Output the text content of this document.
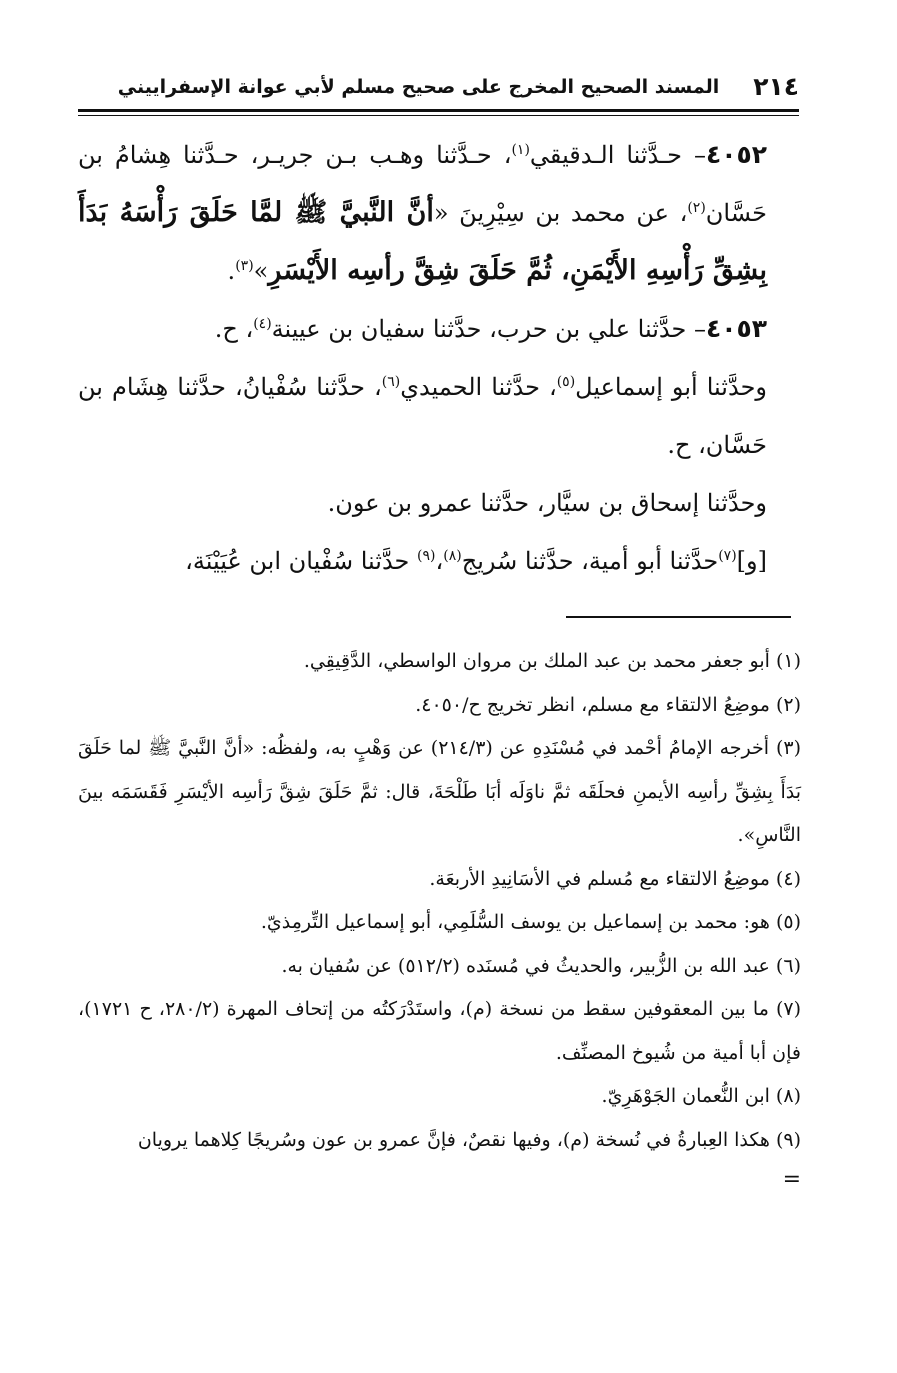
٢١٤
المسند الصحيح المخرج على صحيح مسلم لأبي عوانة الإسفراييني

٤٠٥٢– حـدَّثنا الـدقيقي$^{(١)}$، حـدَّثنا وهـب بـن جريـر، حـدَّثنا هِشامُ بن حَسَّان$^{(٢)}$، عن محمد بن سِيْرِينَ «أنَّ النَّبيَّ ﷺ لمَّا حَلَقَ رَأْسَهُ بَدَأَ بِشِقِّ رَأْسِهِ الأَيْمَنِ، ثُمَّ حَلَقَ شِقَّ رأسِه الأَيْسَرِ»$^{(٣)}$.

٤٠٥٣– حدَّثنا علي بن حرب، حدَّثنا سفيان بن عيينة$^{(٤)}$، ح.

وحدَّثنا أبو إسماعيل$^{(٥)}$، حدَّثنا الحميدي$^{(٦)}$، حدَّثنا سُفْيانُ، حدَّثنا هِشَام بن حَسَّان، ح.

وحدَّثنا إسحاق بن سيَّار، حدَّثنا عمرو بن عون.

[و]$^{(٧)}$حدَّثنا أبو أمية، حدَّثنا سُريج$^{(٨)}$،$^{(٩)}$ حدَّثنا سُفْيان ابن عُيَيْنَة،

(١) أبو جعفر محمد بن عبد الملك بن مروان الواسطي، الدَّقِيقِي.

(٢) موضِعُ الالتقاء مع مسلم، انظر تخريج ح/٤٠٥٠.

(٣) أخرجه الإمامُ أحْمد في مُسْنَدِهِ عن (٢١٤/٣) عن وَهْبٍ به، ولفظُه: «أنَّ النَّبيَّ ﷺ لما حَلَقَ بَدَأَ بِشِقِّ رأسِه الأيمنِ فحلَقَه ثمَّ ناوَلَه أبَا طَلْحَةَ، قال: ثمَّ حَلَقَ شِقَّ رَأسِه الأيْسَرِ فَقَسَمَه بينَ النَّاسِ».

(٤) موضِعُ الالتقاء مع مُسلم في الأسَانِيدِ الأربعَة.

(٥) هو: محمد بن إسماعيل بن يوسف السُّلَمِي، أبو إسماعيل التِّرمِذيّ.

(٦) عبد الله بن الزُّبير، والحديثُ في مُسنَده (٥١٢/٢) عن سُفيان به.

(٧) ما بين المعقوفين سقط من نسخة (م)، واستَدْرَكتُه من إتحاف المهرة (٢٨٠/٢، ح ١٧٢١)، فإن أبا أمية من شُيوخ المصنِّف.

(٨) ابن النُّعمان الجَوْهَرِيّ.

(٩) هكذا العِبارةُ في نُسخة (م)، وفيها نقصٌ، فإنَّ عمرو بن عون وسُريجًا كِلاهما يرويان

=
